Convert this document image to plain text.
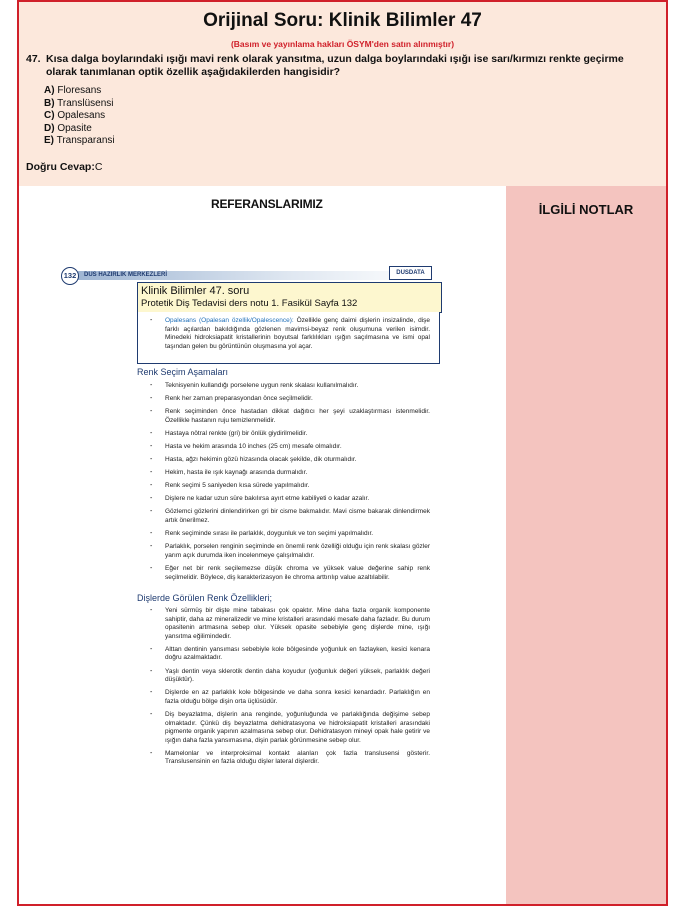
Orijinal Soru: Klinik Bilimler 47
(Basım ve yayınlama hakları ÖSYM'den satın alınmıştır)
47. Kısa dalga boylarındaki ışığı mavi renk olarak yansıtma, uzun dalga boylarındaki ışığı ise sarı/kırmızı renkte geçirme olarak tanımlanan optik özellik aşağıdakilerden hangisidir?
A) Floresans
B) Translüsensi
C) Opalesans
D) Opasite
E) Transparansi
Doğru Cevap:C
İLGİLİ NOTLAR
REFERANSLARIMIZ
DUS HAZIRLIK MERKEZLERİ
132	DUSDATA
Klinik Bilimler 47. soru
Protetik Diş Tedavisi ders notu 1. Fasikül Sayfa 132
-	Opalesans (Opalesan özellik/Opalescence): Özellikle genç daimi dişlerin insizalinde, dişe farklı açılardan bakıldığında gözlenen mavimsi-beyaz renk oluşumuna verilen isimdir. Minedeki hidroksiapatit kristallerinin boyutsal farklılıkları ışığın saçılmasına ve ismi opal taşından gelen bu görüntünün oluşmasına yol açar.
Renk Seçim Aşamaları
-	Teknisyenin kullandığı porselene uygun renk skalası kullanılmalıdır.
-	Renk her zaman preparasyondan önce seçilmelidir.
-	Renk seçiminden önce hastadan dikkat dağıtıcı her şeyi uzaklaştırması istenmelidir. Özellikle hastanın ruju temizlenmelidir.
-	Hastaya nötral renkte (gri) bir önlük giydirilmelidir.
-	Hasta ve hekim arasında 10 inches (25 cm) mesafe olmalıdır.
-	Hasta, ağzı hekimin gözü hizasında olacak şekilde, dik oturmalıdır.
-	Hekim, hasta ile ışık kaynağı arasında durmalıdır.
-	Renk seçimi 5 saniyeden kısa sürede yapılmalıdır.
-	Dişlere ne kadar uzun süre bakılırsa ayırt etme kabiliyeti o kadar azalır.
-	Gözlemci gözlerini dinlendirirken gri bir cisme bakmalıdır. Mavi cisme bakarak dinlendirmek artık önerilmez.
-	Renk seçiminde sırası ile parlaklık, doygunluk ve ton seçimi yapılmalıdır.
-	Parlaklık, porselen renginin seçiminde en önemli renk özelliği olduğu için renk skalası gözler yarım açık durumda iken incelenmeye çalışılmalıdır.
-	Eğer net bir renk seçilemezse düşük chroma ve yüksek value değerine sahip renk seçilmelidir. Böylece, diş karakterizasyon ile chroma arttırılıp value azaltılabilir.
Dişlerde Görülen Renk Özellikleri;
-	Yeni sürmüş bir dişte mine tabakası çok opaktır. Mine daha fazla organik komponente sahiptir, daha az mineralizedir ve mine kristalleri arasındaki mesafe daha fazladır. Bu durum opasitenin artmasına sebep olur. Yüksek opasite sebebiyle genç dişlerde mine, ışığı yansıtma eğilimindedir.
-	Alttan dentinin yansıması sebebiyle kole bölgesinde yoğunluk en fazlayken, kesici kenara doğru azalmaktadır.
-	Yaşlı dentin veya sklerotik dentin daha koyudur (yoğunluk değeri yüksek, parlaklık değeri düşüktür).
-	Dişlerde en az parlaklık kole bölgesinde ve daha sonra kesici kenardadır. Parlaklığın en fazla olduğu bölge dişin orta üçlüsüdür.
-	Diş beyazlatma, dişlerin ana renginde, yoğunluğunda ve parlaklığında değişime sebep olmaktadır. Çünkü diş beyazlatma dehidratasyona ve hidroksiapatit kristalleri arasındaki pigmente organik yapının azalmasına sebep olur. Dehidratasyon mineyi opak hale getirir ve ışığın daha fazla yansımasına, dişin parlak görünmesine sebep olur.
-	Mamelonlar ve interproksimal kontakt alanları çok fazla translusensi gösterir. Translusensinin en fazla olduğu dişler lateral dişlerdir.
